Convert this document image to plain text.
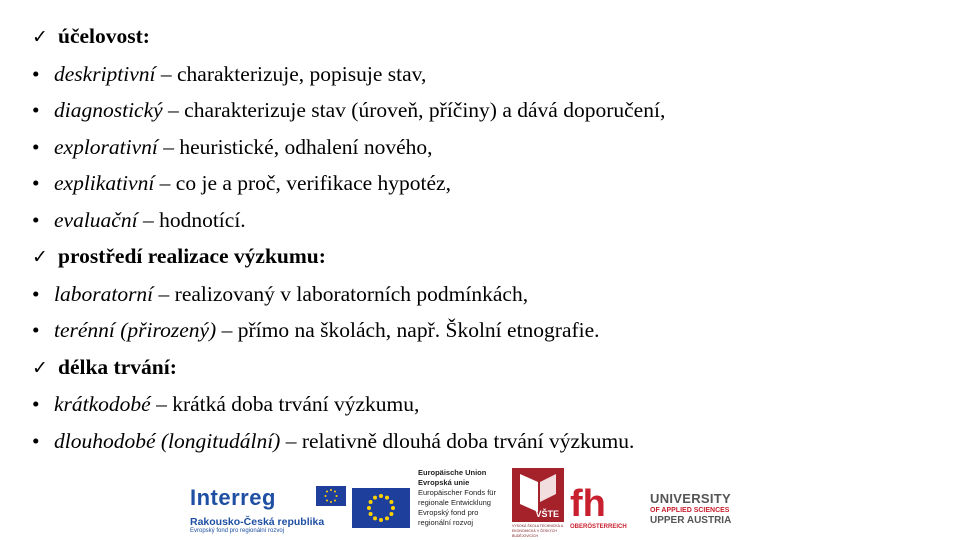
✓ účelovost:
• deskriptivní – charakterizuje, popisuje stav,
• diagnostický – charakterizuje stav (úroveň, příčiny) a dává doporučení,
• explorativní – heuristické, odhalení nového,
• explikativní – co je a proč, verifikace hypotéz,
• evaluační – hodnotící.
✓ prostředí realizace výzkumu:
• laboratorní – realizovaný v laboratorních podmínkách,
• terénní (přirozený) – přímo na školách, např. Školní etnografie.
✓ délka trvání:
• krátkodobé – krátká doba trvání výzkumu,
• dlouhodobé (longitudální) – relativně dlouhá doba trvání výzkumu.
Interreg
Rakousko-Česká republika
Evropský fond pro regionální rozvoj
Europäische Union
Evropská unie
Europäischer Fonds für
regionale Entwicklung
Evropský fond pro
regionální rozvoj
VŠTE
VYSOKÁ ŠKOLA TECHNICKÁ A EKONOMICKÁ V ČESKÝCH BUDĚJOVICÍCH
fh
OBERÖSTERREICH
UNIVERSITY
OF APPLIED SCIENCES
UPPER AUSTRIA
